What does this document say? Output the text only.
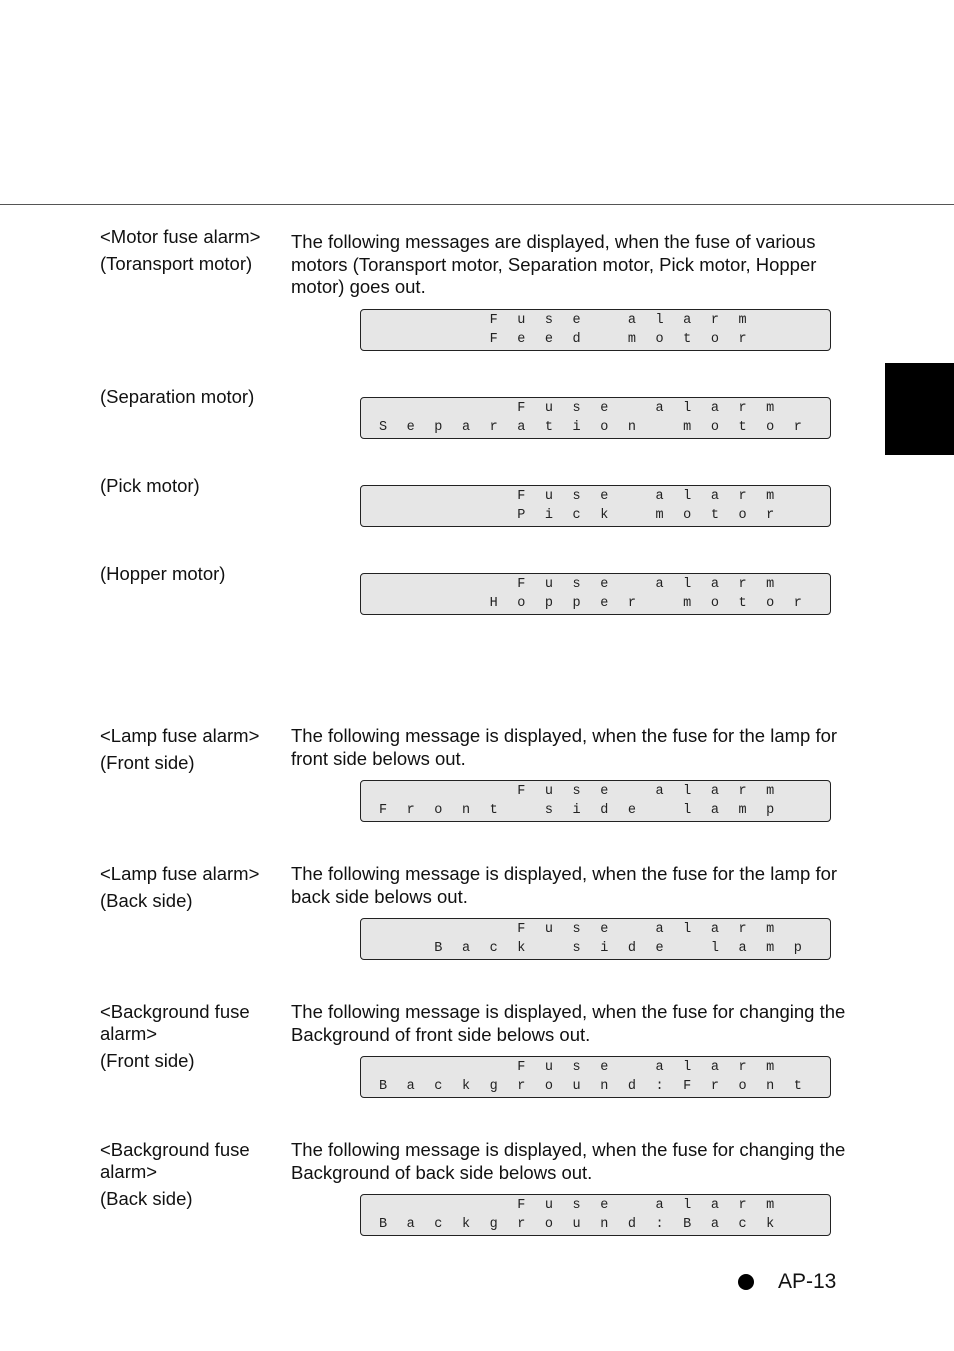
<Motor fuse alarm>
(Toransport motor)
The following messages are displayed, when the fuse of various motors (Toransport motor, Separation motor, Pick motor, Hopper motor) goes out.
Fuse alarm
Feed motor
(Separation motor)
Fuse alarm
Separation motor
(Pick motor)
Fuse alarm
Pick motor
(Hopper motor)
Fuse alarm
Hopper motor
<Lamp fuse alarm>
(Front side)
The following message is displayed, when the fuse for the lamp for front side belows out.
Fuse alarm
Front side lamp
<Lamp fuse alarm>
(Back side)
The following message is displayed, when the fuse for the lamp for back side belows out.
Fuse alarm
Back side lamp
<Background fuse alarm>
(Front side)
The following message is displayed, when the fuse for changing the Background of front side belows out.
Fuse alarm
Background:Front
<Background fuse alarm>
(Back side)
The following message is displayed, when the fuse for changing the Background of back side belows out.
Fuse alarm
Background:Back
AP-13
